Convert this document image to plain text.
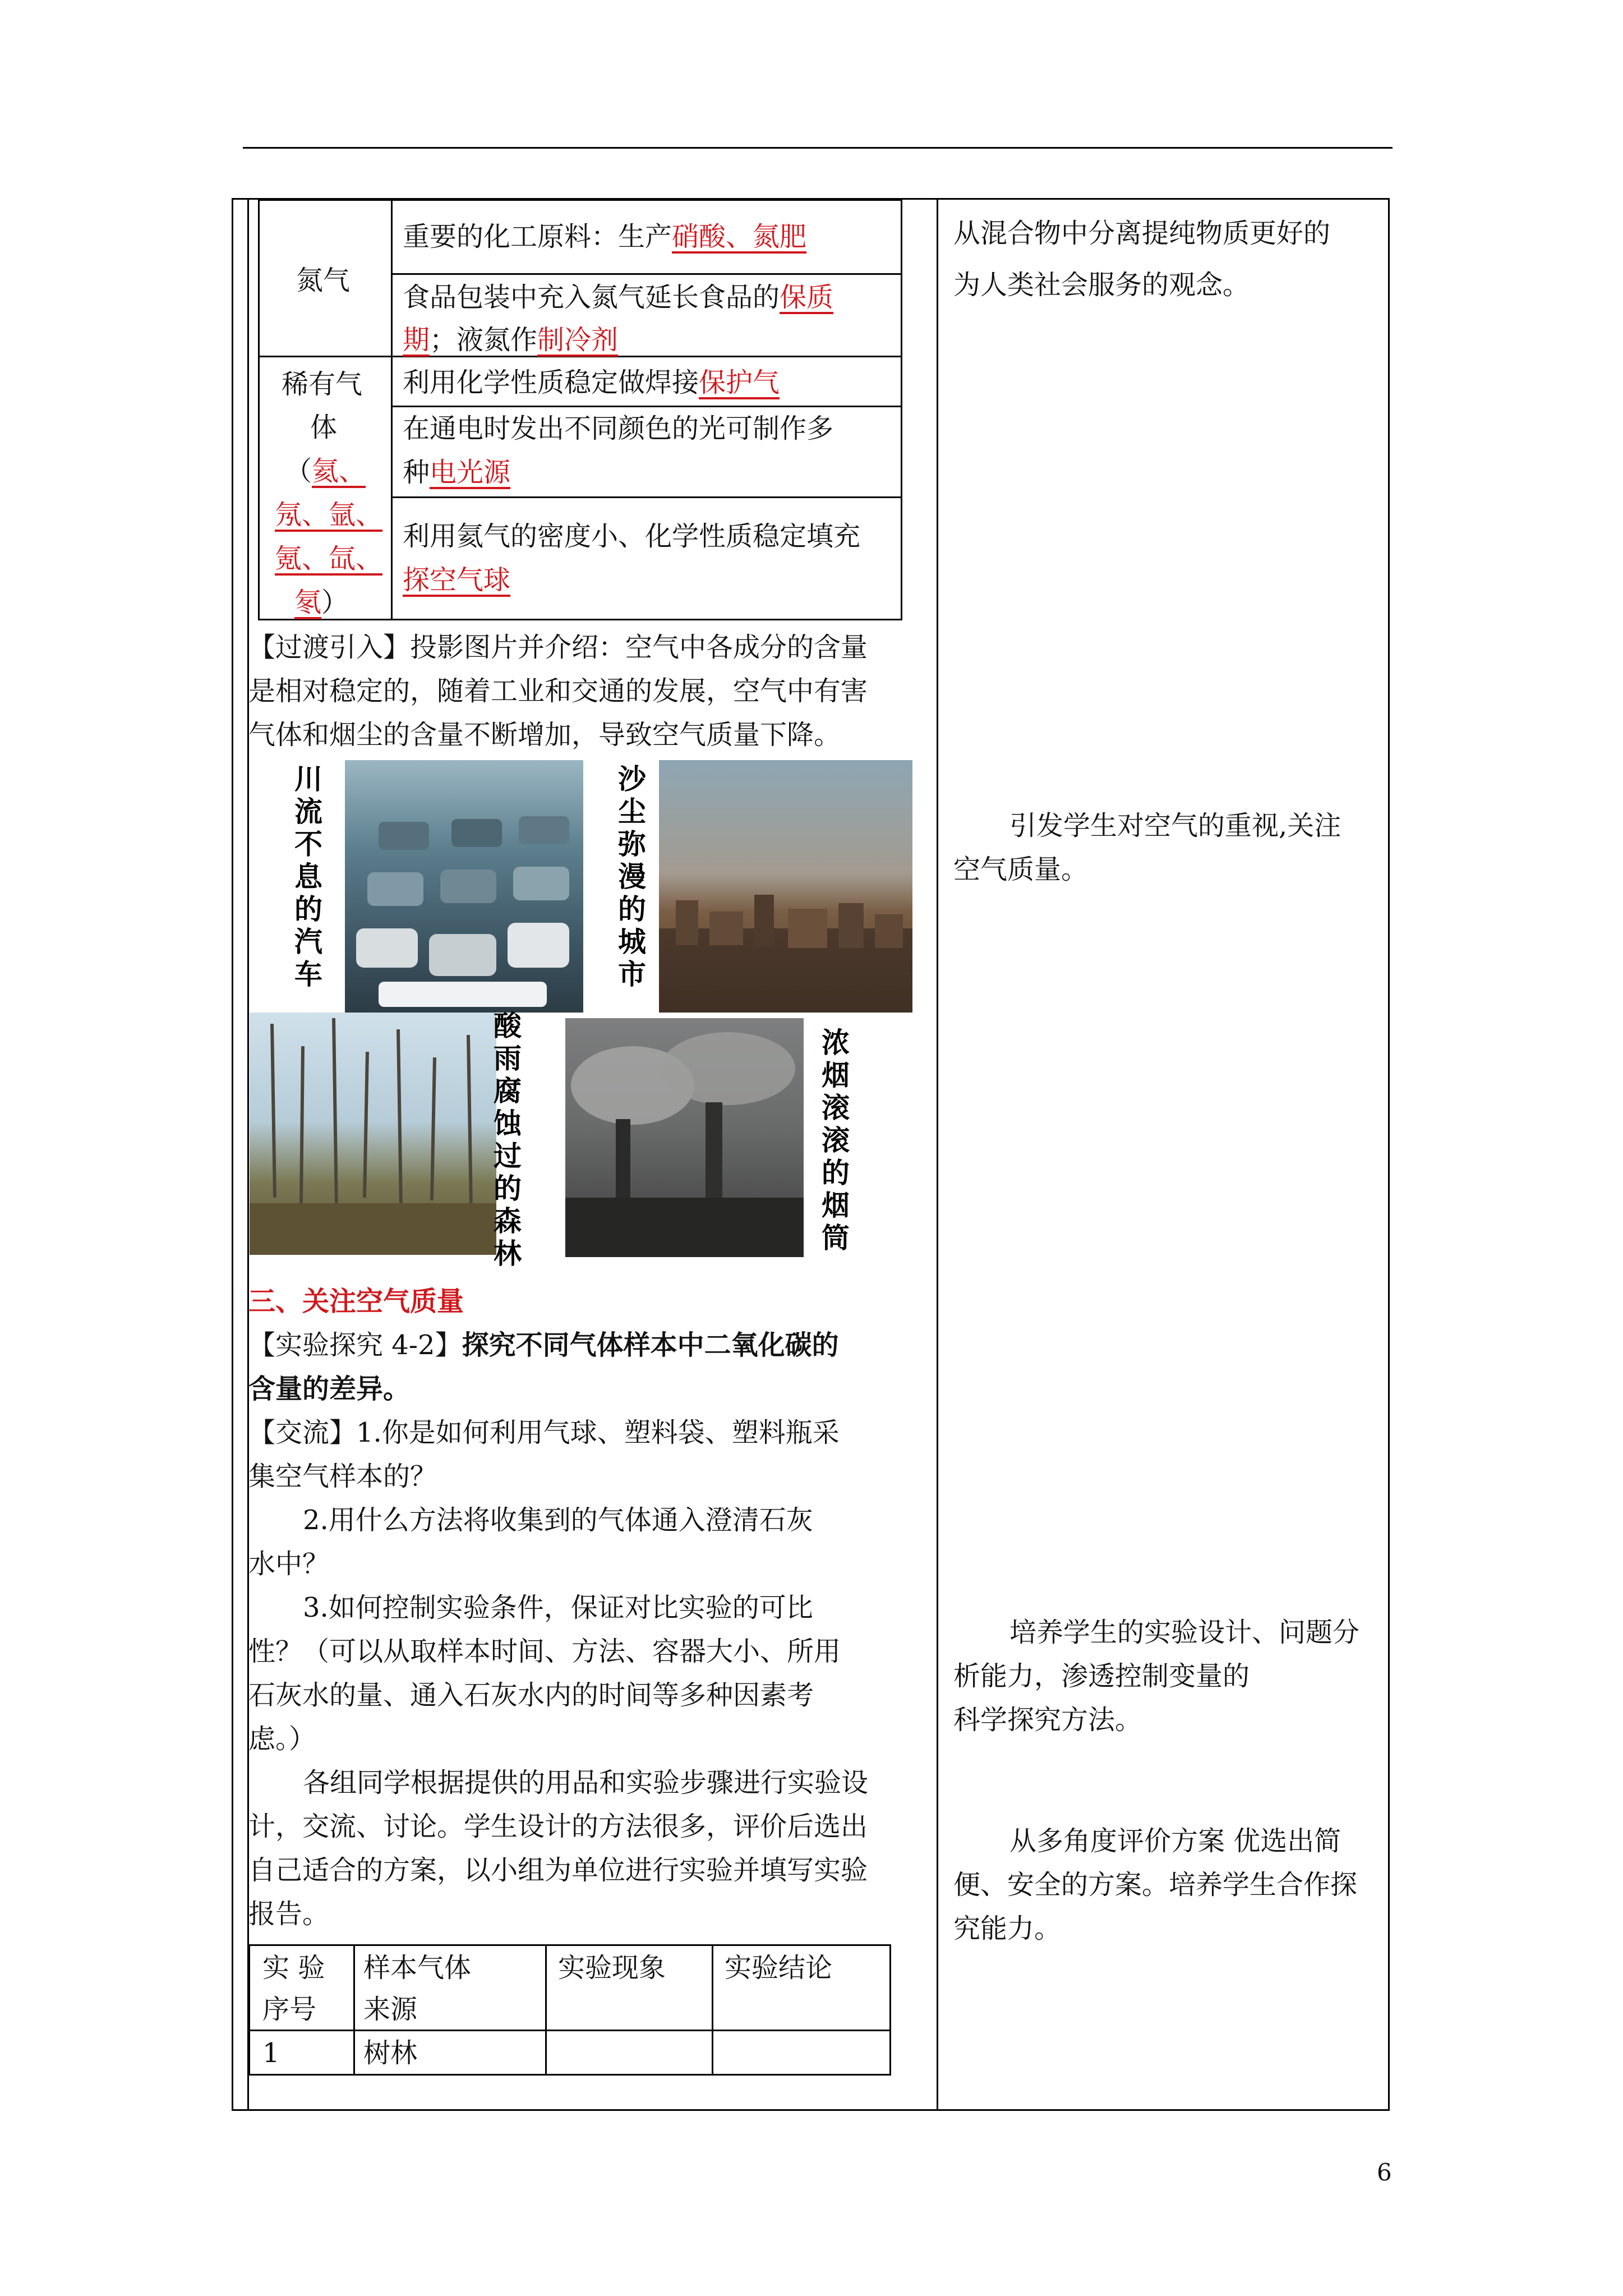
氮气
重要的化工原料：生产硝酸、氮肥
食品包装中充入氮气延长食品的保质
期；液氮作制冷剂
稀有气
体
（氦、
氖、氩、
氪、氙、
氡）
利用化学性质稳定做焊接保护气
在通电时发出不同颜色的光可制作多
种电光源
利用氦气的密度小、化学性质稳定填充
探空气球
【过渡引入】投影图片并介绍：空气中各成分的含量
是相对稳定的，随着工业和交通的发展，空气中有害
气体和烟尘的含量不断增加，导致空气质量下降。
川
流
不
息
的
汽
车
沙
尘
弥
漫
的
城
市
酸
雨
腐
蚀
过
的
森
林
浓
烟
滚
滚
的
烟
筒
三、关注空气质量
【实验探究 4-2】探究不同气体样本中二氧化碳的
含量的差异。
【交流】1.你是如何利用气球、塑料袋、塑料瓶采
集空气样本的？
2.用什么方法将收集到的气体通入澄清石灰
水中？
3.如何控制实验条件，保证对比实验的可比
性？（可以从取样本时间、方法、容器大小、所用
石灰水的量、通入石灰水内的时间等多种因素考
虑。）
各组同学根据提供的用品和实验步骤进行实验设
计，交流、讨论。学生设计的方法很多，评价后选出
自己适合的方案，以小组为单位进行实验并填写实验
报告。
实 验
序号
样本气体
来源
实验现象 实验结论
1	树林
从混合物中分离提纯物质更好的
为人类社会服务的观念。
引发学生对空气的重视,关注
空气质量。
培养学生的实验设计、问题分
析能力，渗透控制变量的
科学探究方法。
从多角度评价方案 优选出简
便、安全的方案。培养学生合作探
究能力。
6
